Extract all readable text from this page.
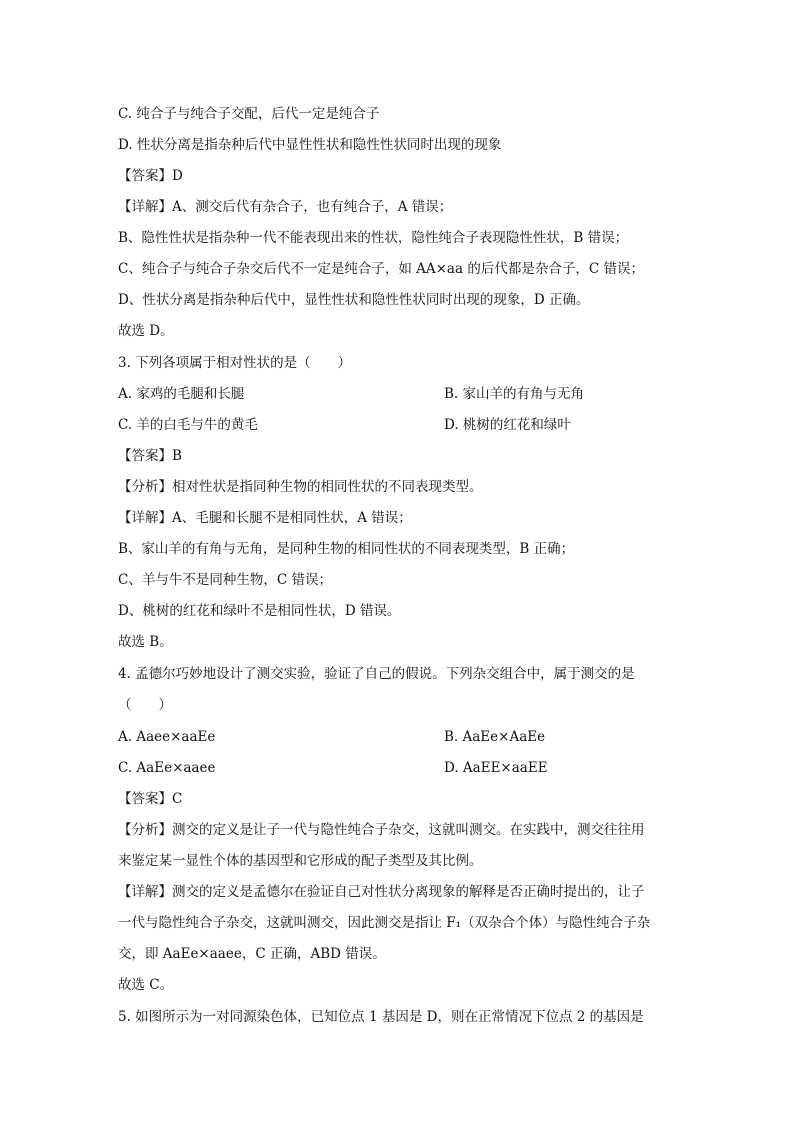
C. 纯合子与纯合子交配，后代一定是纯合子
D. 性状分离是指杂种后代中显性性状和隐性性状同时出现的现象
【答案】D
【详解】A、测交后代有杂合子，也有纯合子，A 错误；
B、隐性性状是指杂种一代不能表现出来的性状，隐性纯合子表现隐性性状，B 错误；
C、纯合子与纯合子杂交后代不一定是纯合子，如 AA×aa 的后代都是杂合子，C 错误；
D、性状分离是指杂种后代中，显性性状和隐性性状同时出现的现象，D 正确。
故选 D。
3. 下列各项属于相对性状的是（　　）
A. 家鸡的毛腿和长腿	B. 家山羊的有角与无角
C. 羊的白毛与牛的黄毛	D. 桃树的红花和绿叶
【答案】B
【分析】相对性状是指同种生物的相同性状的不同表现类型。
【详解】A、毛腿和长腿不是相同性状，A 错误；
B、家山羊的有角与无角，是同种生物的相同性状的不同表现类型，B 正确；
C、羊与牛不是同种生物，C 错误；
D、桃树的红花和绿叶不是相同性状，D 错误。
故选 B。
4. 孟德尔巧妙地设计了测交实验，验证了自己的假说。下列杂交组合中，属于测交的是
（　　）
A. Aaee×aaEe	B. AaEe×AaEe
C. AaEe×aaee	D. AaEE×aaEE
【答案】C
【分析】测交的定义是让子一代与隐性纯合子杂交，这就叫测交。在实践中，测交往往用
来鉴定某一显性个体的基因型和它形成的配子类型及其比例。
【详解】测交的定义是孟德尔在验证自己对性状分离现象的解释是否正确时提出的，让子
一代与隐性纯合子杂交，这就叫测交，因此测交是指让 F₁（双杂合个体）与隐性纯合子杂
交，即 AaEe×aaee，C 正确，ABD 错误。
故选 C。
5. 如图所示为一对同源染色体，已知位点 1 基因是 D，则在正常情况下位点 2 的基因是
